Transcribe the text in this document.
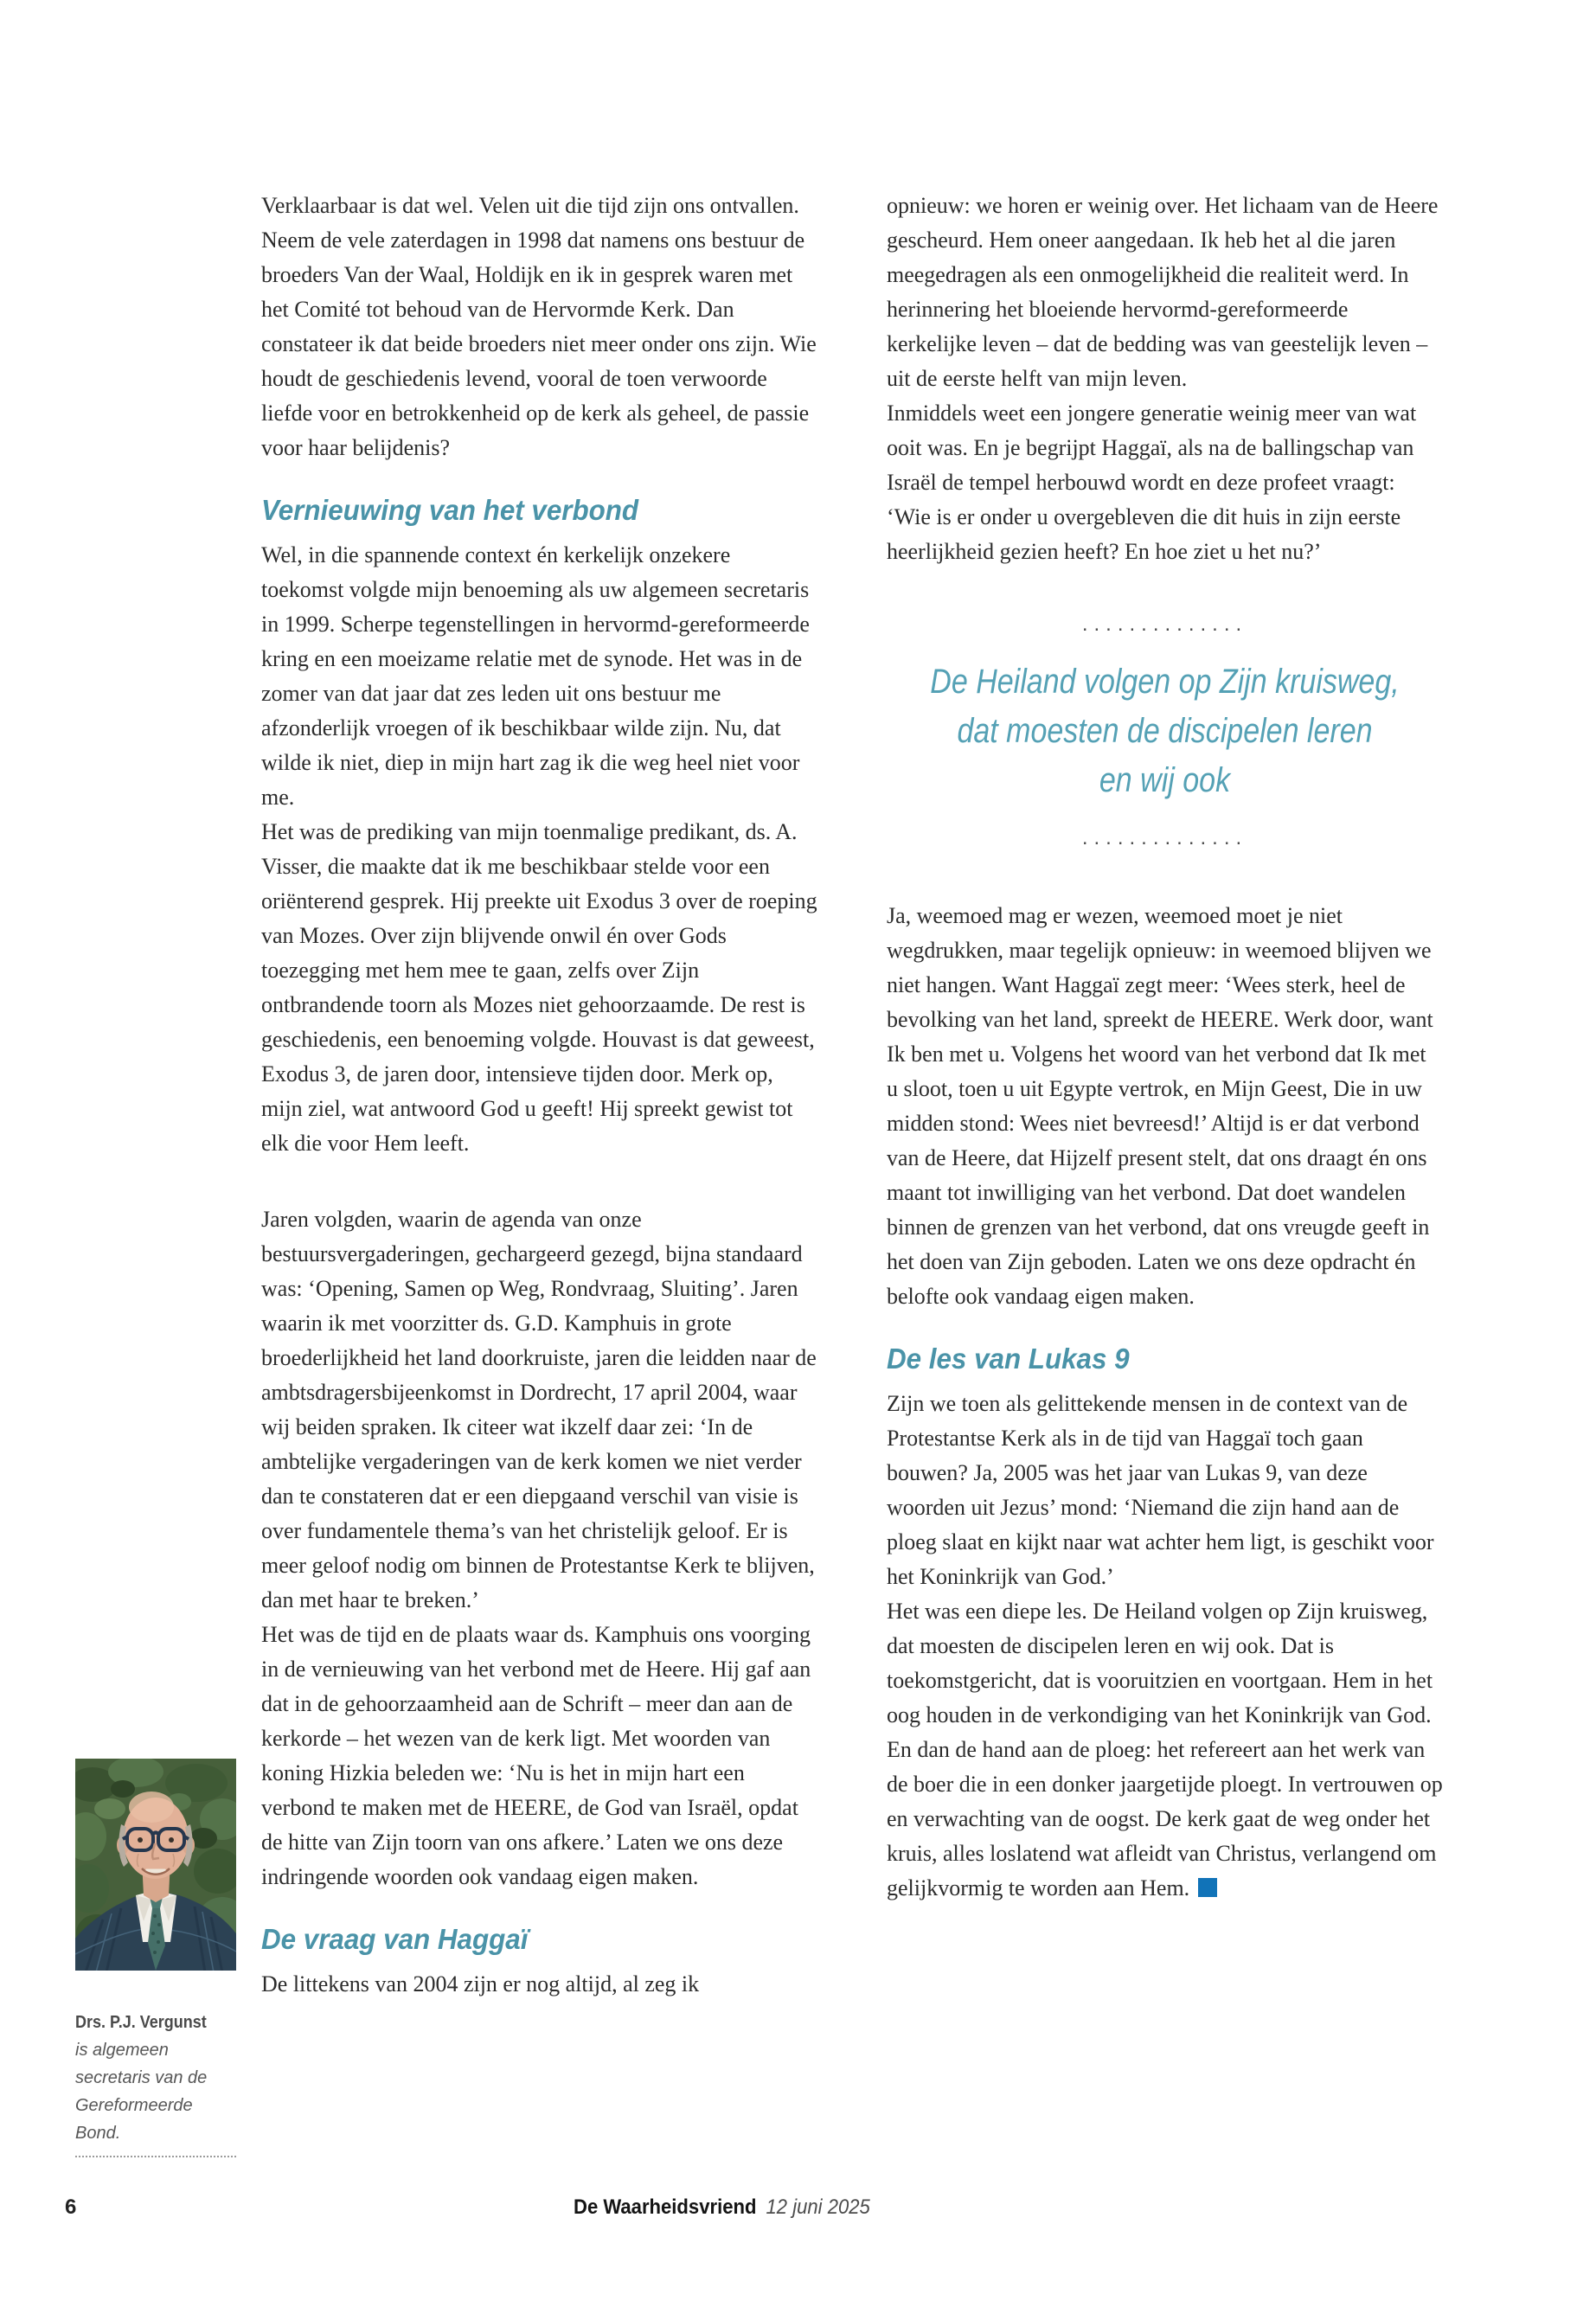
Verklaarbaar is dat wel. Velen uit die tijd zijn ons ontvallen. Neem de vele zaterdagen in 1998 dat namens ons bestuur de broeders Van der Waal, Holdijk en ik in gesprek waren met het Comité tot behoud van de Hervormde Kerk. Dan constateer ik dat beide broeders niet meer onder ons zijn. Wie houdt de geschiedenis levend, vooral de toen verwoorde liefde voor en betrokkenheid op de kerk als geheel, de passie voor haar belijdenis?

Vernieuwing van het verbond

Wel, in die spannende context én kerkelijk onzekere toekomst volgde mijn benoeming als uw algemeen secretaris in 1999. Scherpe tegenstellingen in hervormd-gereformeerde kring en een moeizame relatie met de synode. Het was in de zomer van dat jaar dat zes leden uit ons bestuur me afzonderlijk vroegen of ik beschikbaar wilde zijn. Nu, dat wilde ik niet, diep in mijn hart zag ik die weg heel niet voor me.

Het was de prediking van mijn toenmalige predikant, ds. A. Visser, die maakte dat ik me beschikbaar stelde voor een oriënterend gesprek. Hij preekte uit Exodus 3 over de roeping van Mozes. Over zijn blijvende onwil én over Gods toezegging met hem mee te gaan, zelfs over Zijn ontbrandende toorn als Mozes niet gehoorzaamde. De rest is geschiedenis, een benoeming volgde. Houvast is dat geweest, Exodus 3, de jaren door, intensieve tijden door. Merk op, mijn ziel, wat antwoord God u geeft! Hij spreekt gewist tot elk die voor Hem leeft.

Jaren volgden, waarin de agenda van onze bestuursvergaderingen, gechargeerd gezegd, bijna standaard was: ‘Opening, Samen op Weg, Rondvraag, Sluiting’. Jaren waarin ik met voorzitter ds. G.D. Kamphuis in grote broederlijkheid het land doorkruiste, jaren die leidden naar de ambtsdragersbijeenkomst in Dordrecht, 17 april 2004, waar wij beiden spraken. Ik citeer wat ikzelf daar zei: ‘In de ambtelijke vergaderingen van de kerk komen we niet verder dan te constateren dat er een diepgaand verschil van visie is over fundamentele thema’s van het christelijk geloof. Er is meer geloof nodig om binnen de Protestantse Kerk te blijven, dan met haar te breken.’

Het was de tijd en de plaats waar ds. Kamphuis ons voorging in de vernieuwing van het verbond met de Heere. Hij gaf aan dat in de gehoorzaamheid aan de Schrift – meer dan aan de kerkorde – het wezen van de kerk ligt. Met woorden van koning Hizkia beleden we: ‘Nu is het in mijn hart een verbond te maken met de HEERE, de God van Israël, opdat de hitte van Zijn toorn van ons afkere.’ Laten we ons deze indringende woorden ook vandaag eigen maken.

De vraag van Haggaï

De littekens van 2004 zijn er nog altijd, al zeg ik

opnieuw: we horen er weinig over. Het lichaam van de Heere gescheurd. Hem oneer aangedaan. Ik heb het al die jaren meegedragen als een onmogelijkheid die realiteit werd. In herinnering het bloeiende hervormd-gereformeerde kerkelijke leven – dat de bedding was van geestelijk leven – uit de eerste helft van mijn leven.

Inmiddels weet een jongere generatie weinig meer van wat ooit was. En je begrijpt Haggaï, als na de ballingschap van Israël de tempel herbouwd wordt en deze profeet vraagt: ‘Wie is er onder u overgebleven die dit huis in zijn eerste heerlijkheid gezien heeft? En hoe ziet u het nu?’

..............
De Heiland volgen op Zijn kruisweg,
dat moesten de discipelen leren
en wij ook
..............

Ja, weemoed mag er wezen, weemoed moet je niet wegdrukken, maar tegelijk opnieuw: in weemoed blijven we niet hangen. Want Haggaï zegt meer: ‘Wees sterk, heel de bevolking van het land, spreekt de HEERE. Werk door, want Ik ben met u. Volgens het woord van het verbond dat Ik met u sloot, toen u uit Egypte vertrok, en Mijn Geest, Die in uw midden stond: Wees niet bevreesd!’ Altijd is er dat verbond van de Heere, dat Hijzelf present stelt, dat ons draagt én ons maant tot inwilliging van het verbond. Dat doet wandelen binnen de grenzen van het verbond, dat ons vreugde geeft in het doen van Zijn geboden. Laten we ons deze opdracht én belofte ook vandaag eigen maken.

De les van Lukas 9

Zijn we toen als gelittekende mensen in de context van de Protestantse Kerk als in de tijd van Haggaï toch gaan bouwen? Ja, 2005 was het jaar van Lukas 9, van deze woorden uit Jezus’ mond: ‘Niemand die zijn hand aan de ploeg slaat en kijkt naar wat achter hem ligt, is geschikt voor het Koninkrijk van God.’

Het was een diepe les. De Heiland volgen op Zijn kruisweg, dat moesten de discipelen leren en wij ook. Dat is toekomstgericht, dat is vooruitzien en voortgaan. Hem in het oog houden in de verkondiging van het Koninkrijk van God. En dan de hand aan de ploeg: het refereert aan het werk van de boer die in een donker jaargetijde ploegt. In vertrouwen op en verwachting van de oogst. De kerk gaat de weg onder het kruis, alles loslatend wat afleidt van Christus, verlangend om gelijkvormig te worden aan Hem.

Drs. P.J. Vergunst
is algemeen secretaris van de Gereformeerde Bond.
6	De Waarheidsvriend 12 juni 2025
